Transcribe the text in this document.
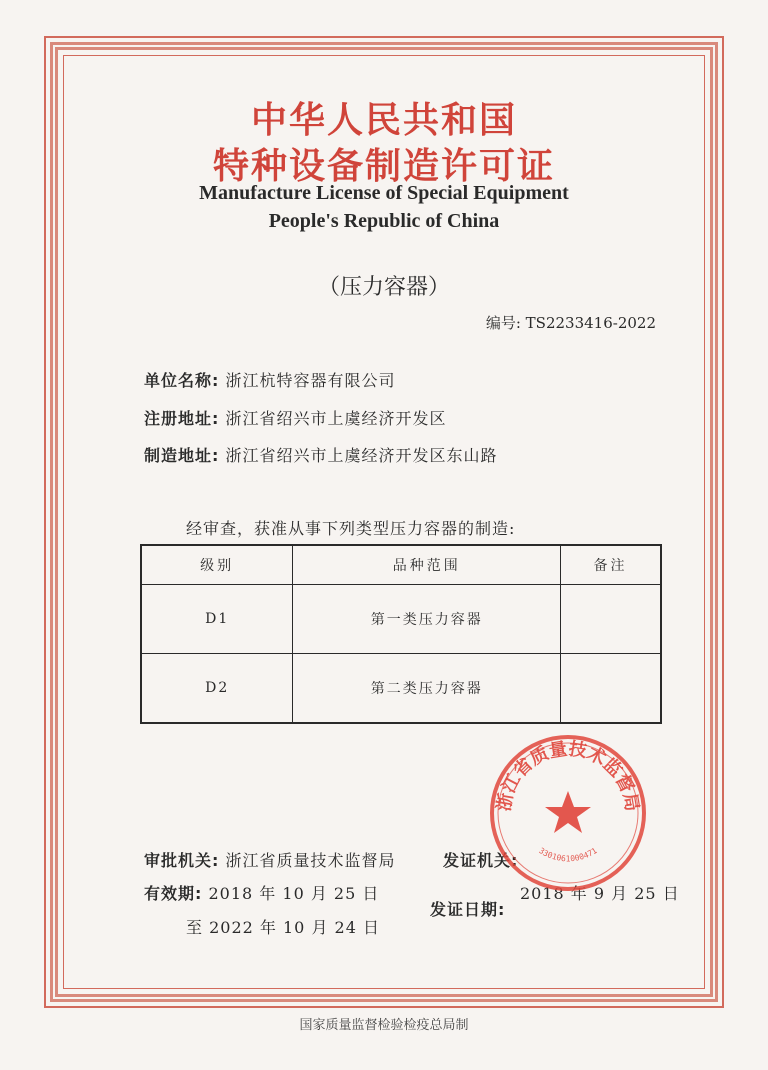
中华人民共和国
特种设备制造许可证
Manufacture License of Special Equipment
People's Republic of China
（压力容器）
编号: TS2233416-2022
单位名称: 浙江杭特容器有限公司
注册地址: 浙江省绍兴市上虞经济开发区
制造地址: 浙江省绍兴市上虞经济开发区东山路
经审查，获准从事下列类型压力容器的制造:
级别	品种范围	备注
D1	第一类压力容器	
D2	第二类压力容器	
审批机关: 浙江省质量技术监督局	发证机关:
有效期: 2018 年 10 月 25 日
至 2022 年 10 月 24 日
2018 年 9 月 25 日
发证日期:
浙江省质量技术监督局
3301061000471
国家质量监督检验检疫总局制
